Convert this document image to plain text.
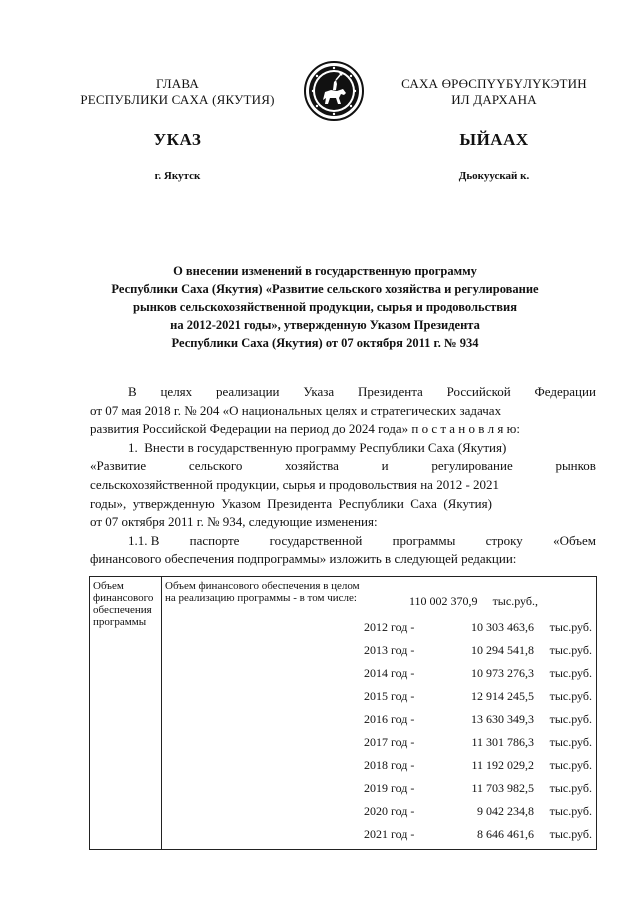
ГЛАВА
РЕСПУБЛИКИ САХА (ЯКУТИЯ)
САХА ӨРӨСПҮҮБҮЛҮКЭТИН
ИЛ ДАРХАНА
УКАЗ	ЫЙААХ
г. Якутск	Дьокуускай к.
О внесении изменений в государственную программу
Республики Саха (Якутия) «Развитие сельского хозяйства и регулирование
рынков сельскохозяйственной продукции, сырья и продовольствия
на 2012-2021 годы», утвержденную Указом Президента
Республики Саха (Якутия) от 07 октября 2011 г. № 934
В целях реализации Указа Президента Российской Федерации
от 07 мая 2018 г. № 204 «О национальных целях и стратегических задачах
развития Российской Федерации на период до 2024 года» п о с т а н о в л я ю:
1.  Внести в государственную программу Республики Саха (Якутия)
«Развитие	сельского	хозяйства	и	регулирование	рынков
сельскохозяйственной продукции, сырья и продовольствия на 2012 - 2021
годы»,  утвержденную  Указом  Президента  Республики  Саха  (Якутия)
от 07 октября 2011 г. № 934, следующие изменения:
1.1. В паспорте государственной программы строку «Объем
финансового обеспечения подпрограммы» изложить в следующей редакции:
Объем финансового обеспечения программы	
Объем финансового обеспечения в целом на реализацию программы - в том числе:	110 002 370,9 тыс.руб.,
2012 год -	10 303 463,6	тыс.руб.
2013 год -	10 294 541,8	тыс.руб.
2014 год -	10 973 276,3	тыс.руб.
2015 год -	12 914 245,5	тыс.руб.
2016 год -	13 630 349,3	тыс.руб.
2017 год -	11 301 786,3	тыс.руб.
2018 год -	11 192 029,2	тыс.руб.
2019 год -	11 703 982,5	тыс.руб.
2020 год -	9 042 234,8	тыс.руб.
2021 год -	8 646 461,6	тыс.руб.
